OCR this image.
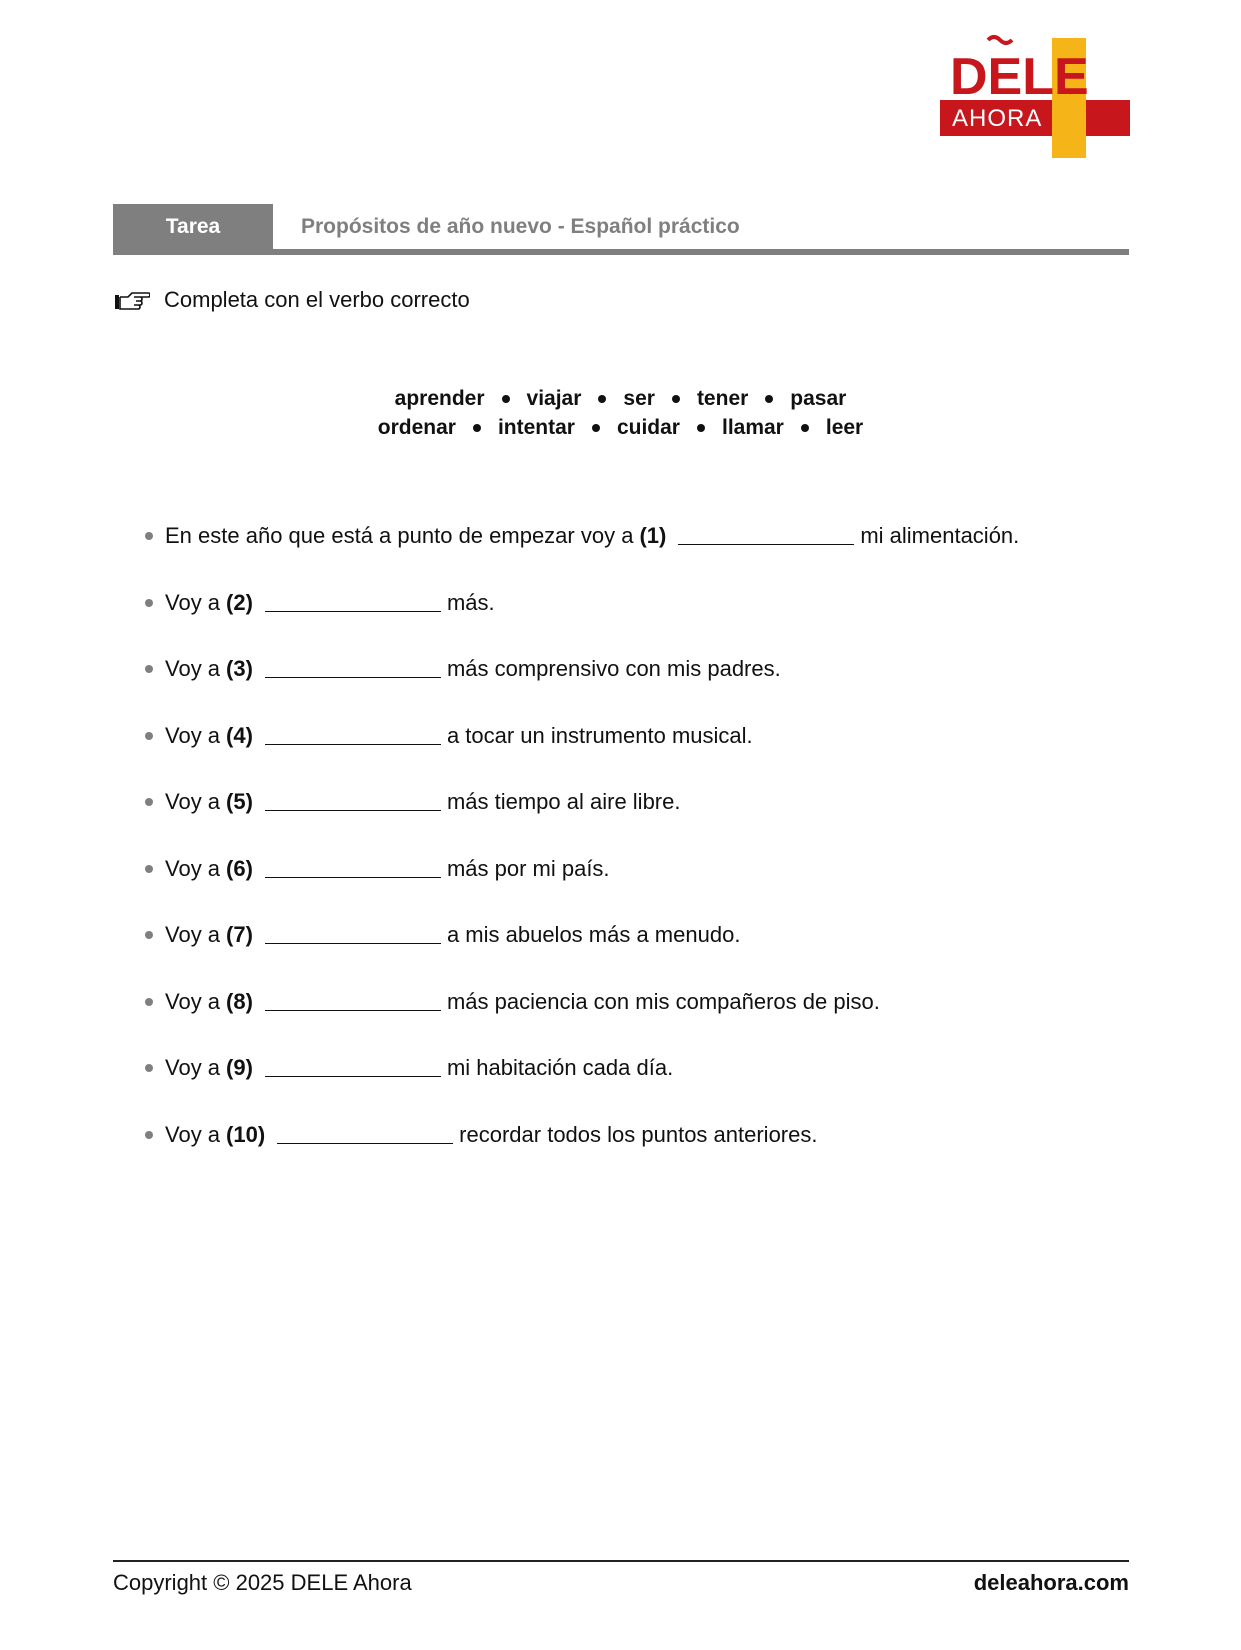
DELE
AHORA
Tarea	Propósitos de año nuevo - Español práctico
Completa con el verbo correcto
aprender viajar ser tener pasar
ordenar intentar cuidar llamar leer
En este año que está a punto de empezar voy a (1)	mi alimentación.
Voy a (2)	más.
Voy a (3)	más comprensivo con mis padres.
Voy a (4)	a tocar un instrumento musical.
Voy a (5)	más tiempo al aire libre.
Voy a (6)	más por mi país.
Voy a (7)	a mis abuelos más a menudo.
Voy a (8)	más paciencia con mis compañeros de piso.
Voy a (9)	mi habitación cada día.
Voy a (10)	recordar todos los puntos anteriores.
Copyright © 2025 DELE Ahora	deleahora.com
